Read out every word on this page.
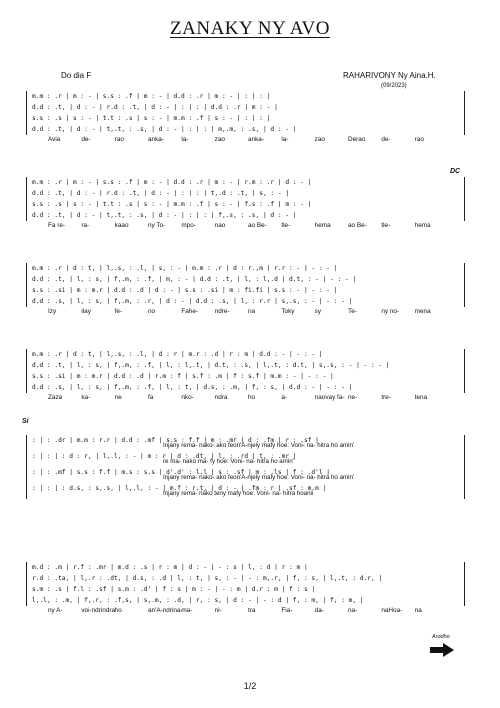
ZANAKY NY AVO
Do dia F	RAHARIVONY Ny Aina.H.
(09/2023)
DC
Si
m.m : .r | m : - | s.s : .f | m : - | d.d : .r | m : - | : | : |
d.d : .t, | d : - | r.d : .t, | d : - | : | : | d.d : .r | m : - |
s.s : .s | s : - | t.t : .s | s : - | m.m : .f | s : - | : | : |
d.d : .t, | d : - | t,.t, : .s, | d : - | : | : | m,.m, : .s, | d : - |
Avia	de-	rao	anka-	la-	zao	anka-	la-	zao	Derao de-	rao
m.m : .r | m : - | s.s : .f | m : - | d.d : .r | m : - | r.m : .r | d : - |
d.d : .t, | d : - | r.d : .t, | d : - | : | : | t,.d : .t, | s, : - |
s.s : .s | s : - | t.t : .s | s : - | m.m : .f | s : - | f.s : .f | m : - |
d.d : .t, | d : - | t,.t, : .s, | d : - | : | : | f,.s, : .s, | d : - |
Fa re-	ra-	kaao	ny To-	mpo-	nao	ao Be- tle-	hema	ao Be- tle-	hema
m.m : .r | d : t, | l,.s, : .l, | s, : - | m.m : .r | d : r.,m | r.r : - | - : - |
d.d : .t, | l, : s, | f,.m, : .f, | m, : - | d.d : .t, | l, : l,.d | d.t, : - | - : - |
s.s : .si | m : m.r | d.d : .d | d : - | s.s : .si | m : fi.fi | s.s : - | - : - |
d.d : .s, | l, : s, | f,.m, : .r, | d : - | d.d : .s, | l, : r.r | s,.s, : - | - : - |
Izy	ilay	fe-	no	Fahe-	ndre-	na	Toky	sy	Te-	ny no- mena
m.m : .r | d : t, | l,.s, : .l, | d : r | m.r : .d | r : m | d.d : - | - : - |
d.d : .t, | l, : s, | f,.m, : .f, | l, : l,.t, | d.t, : .s, | l,.t, : d.t, | s,.s, : - | - : - |
s.s : .si | m : m.r | d.d : .d | r.m : f | s.f : .m | f : s.f | m.m : - | - : - |
d.d : .s, | l, : s, | f,.m, : .f, | l, : t, | d.s, : .m, | f, : s, | d.d : - | - : - |
Zaza	ka-	ne	fa	nko-	ndra	ho	a-	naovay fa- ne-	tre-	tena
: | : .dr | m.m : r.r | d.d : .mf | s.s : f.f | m : .mr | d : .fm | r : .sf |
: | : | : d : r, | l,.l, : - | m : r | d : .dt, | l, : .rd | t, : .mr |
: | : .mf | s.s : f.f | m.s : s.s | d'.d' : l.l | s : .sf | m : .ls | f : .d'l |
: | : | : d.s, : s,.s, | l,.l, : - | m.f : r.t, | d : - | .fm : r | .sf : m.m |
Injany rema- nako- ako feon'A-njely mafy hoe: Voni- na- hitra ho amin'
re ma- nako ma- fy hoe: Voni- na- hitra ho amin'
Injany rema- nako- ako feon'A-njely mafy hoe: Voni- na- hitra ho amin'
Injany rema- nako teny mafy hoe: Voni- na- hitra hoanii
m.d : .m | r.f : .mr | m.d : .s | r : m | d : - | - : s | l, : d | r : m |
r.d : .ta, | l,.r : .dt, | d.s, : .d | l, : t, | s, : - | - : m,.r, | f, : s, | l,.t, : d.r, |
s.m : .s | f.l : .sf | s.m : .d' | f : s | m : - | - : m | d.r : m | f : s |
l,.l, : .m, | f,.r, : .f,s, | s,.m, : .d, | r, : s, | d : - | - : d | f, : m, | f, : m, |
ny A-	voi-ndrindra ho	an'A-ndrina-
ma-	ni-	tra	Fia-	da-	na-	naHoa- na
Arodho
1/2
